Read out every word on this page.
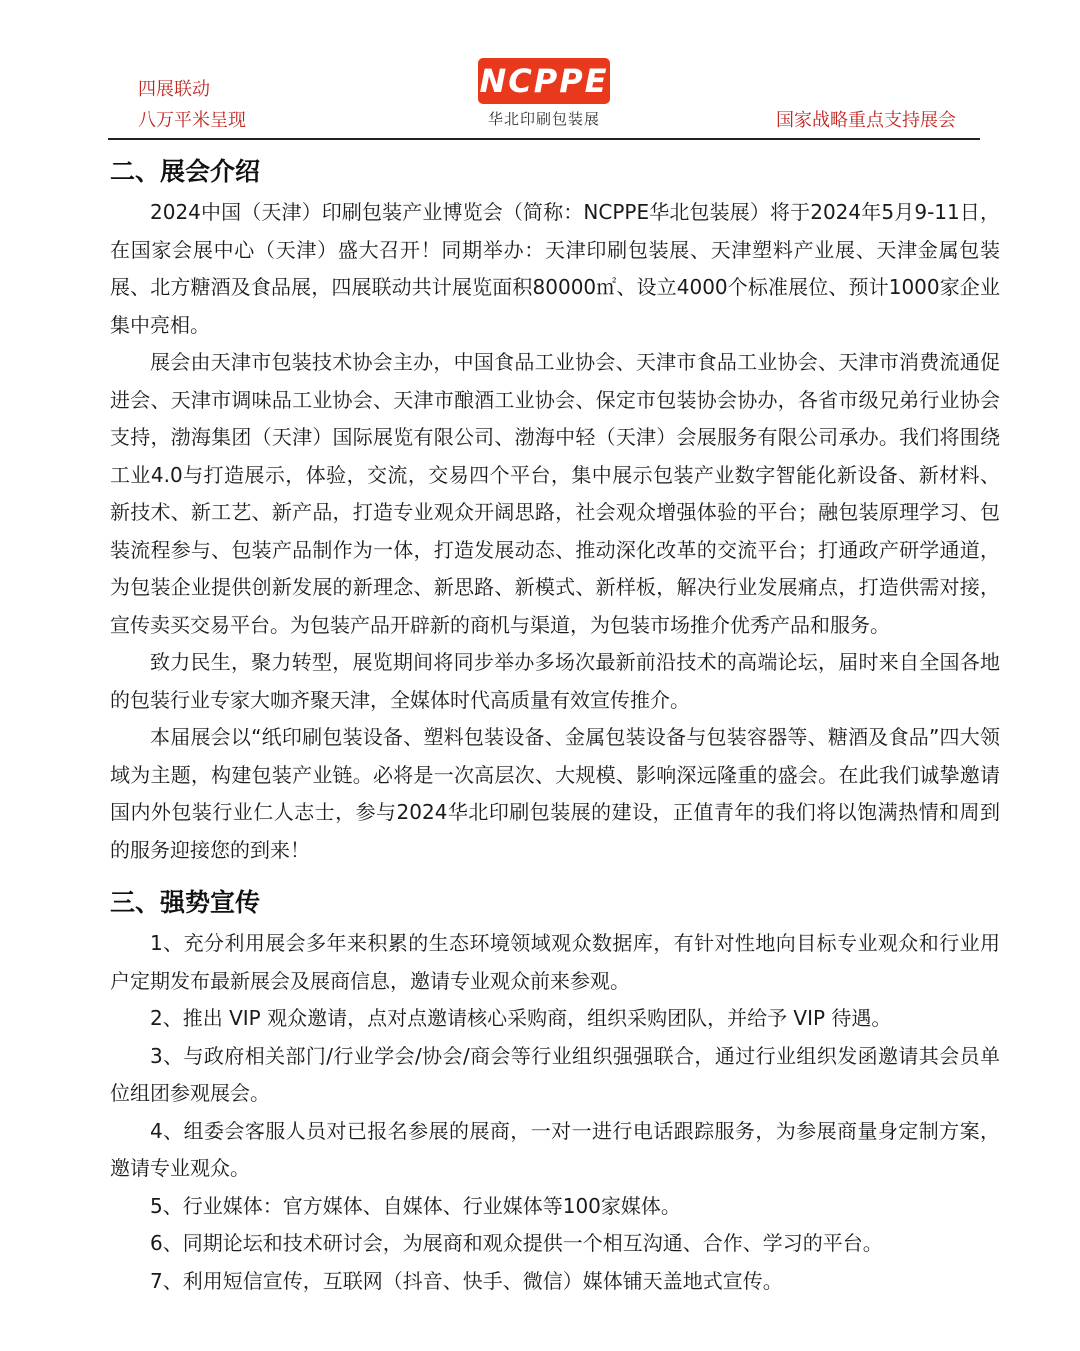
四展联动
八万平米呈现
NCPPE
华北印刷包装展	国家战略重点支持展会
二、展会介绍

2024中国（天津）印刷包装产业博览会（简称：NCPPE华北包装展）将于2024年5月9-11日，在国家会展中心（天津）盛大召开！同期举办：天津印刷包装展、天津塑料产业展、天津金属包装展、北方糖酒及食品展，四展联动共计展览面积80000㎡、设立4000个标准展位、预计1000家企业集中亮相。

展会由天津市包装技术协会主办，中国食品工业协会、天津市食品工业协会、天津市消费流通促进会、天津市调味品工业协会、天津市酿酒工业协会、保定市包装协会协办，各省市级兄弟行业协会支持，渤海集团（天津）国际展览有限公司、渤海中轻（天津）会展服务有限公司承办。我们将围绕工业4.0与打造展示，体验，交流，交易四个平台，集中展示包装产业数字智能化新设备、新材料、新技术、新工艺、新产品，打造专业观众开阔思路，社会观众增强体验的平台；融包装原理学习、包装流程参与、包装产品制作为一体，打造发展动态、推动深化改革的交流平台；打通政产研学通道，为包装企业提供创新发展的新理念、新思路、新模式、新样板，解决行业发展痛点，打造供需对接，宣传卖买交易平台。为包装产品开辟新的商机与渠道，为包装市场推介优秀产品和服务。

致力民生，聚力转型，展览期间将同步举办多场次最新前沿技术的高端论坛，届时来自全国各地的包装行业专家大咖齐聚天津，全媒体时代高质量有效宣传推介。

本届展会以“纸印刷包装设备、塑料包装设备、金属包装设备与包装容器等、糖酒及食品”四大领域为主题，构建包装产业链。必将是一次高层次、大规模、影响深远隆重的盛会。在此我们诚挚邀请国内外包装行业仁人志士，参与2024华北印刷包装展的建设，正值青年的我们将以饱满热情和周到的服务迎接您的到来！

三、强势宣传

1、充分利用展会多年来积累的生态环境领域观众数据库，有针对性地向目标专业观众和行业用户定期发布最新展会及展商信息，邀请专业观众前来参观。

2、推出 VIP 观众邀请，点对点邀请核心采购商，组织采购团队，并给予 VIP 待遇。

3、与政府相关部门/行业学会/协会/商会等行业组织强强联合，通过行业组织发函邀请其会员单位组团参观展会。

4、组委会客服人员对已报名参展的展商，一对一进行电话跟踪服务，为参展商量身定制方案，邀请专业观众。

5、行业媒体：官方媒体、自媒体、行业媒体等100家媒体。

6、同期论坛和技术研讨会，为展商和观众提供一个相互沟通、合作、学习的平台。

7、利用短信宣传，互联网（抖音、快手、微信）媒体铺天盖地式宣传。
